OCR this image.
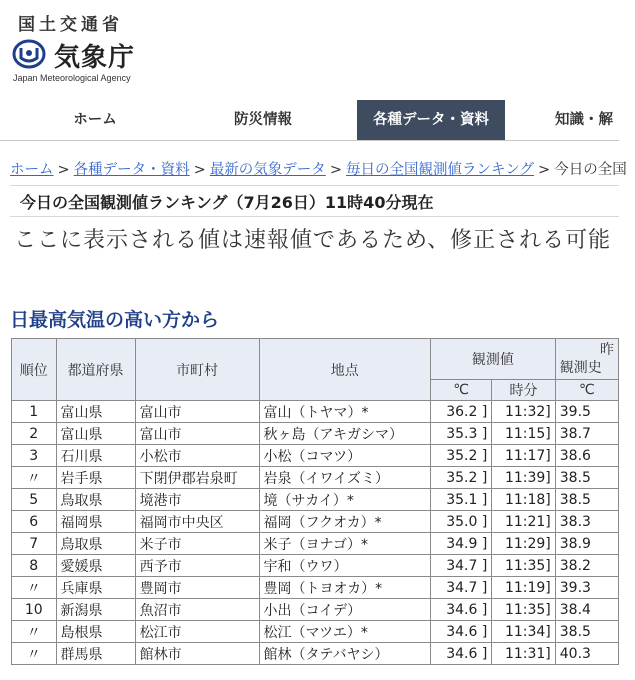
国土交通省
気象庁
Japan Meteorological Agency
ホーム	防災情報	各種データ・資料	知識・解
ホーム > 各種データ・資料 > 最新の気象データ > 毎日の全国観測値ランキング > 今日の全国
今日の全国観測値ランキング（7月26日）11時40分現在
ここに表示される値は速報値であるため、修正される可能
日最高気温の高い方から
順位	都道府県	市町村	地点	観測値		昨
観測史

				℃	時分	℃
1	富山県	富山市	富山（トヤマ）*	36.2 ]	11:32]	39.5
2	富山県	富山市	秋ヶ島（アキガシマ）	35.3 ]	11:15]	38.7
3	石川県	小松市	小松（コマツ）	35.2 ]	11:17]	38.6
〃	岩手県	下閉伊郡岩泉町	岩泉（イワイズミ）	35.2 ]	11:39]	38.5
5	鳥取県	境港市	境（サカイ）*	35.1 ]	11:18]	38.5
6	福岡県	福岡市中央区	福岡（フクオカ）*	35.0 ]	11:21]	38.3
7	鳥取県	米子市	米子（ヨナゴ）*	34.9 ]	11:29]	38.9
8	愛媛県	西予市	宇和（ウワ）	34.7 ]	11:35]	38.2
〃	兵庫県	豊岡市	豊岡（トヨオカ）*	34.7 ]	11:19]	39.3
10	新潟県	魚沼市	小出（コイデ）	34.6 ]	11:35]	38.4
〃	島根県	松江市	松江（マツエ）*	34.6 ]	11:34]	38.5
〃	群馬県	館林市	館林（タテバヤシ）	34.6 ]	11:31]	40.3
